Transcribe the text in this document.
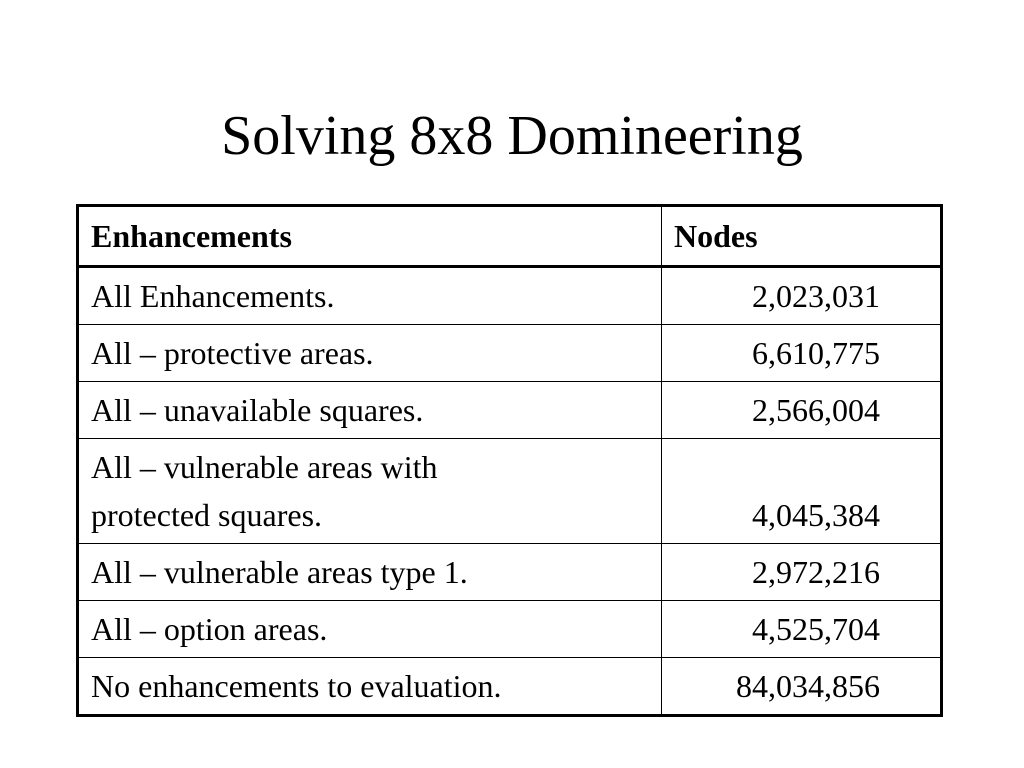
Solving 8x8 Domineering
Enhancements	Nodes
All Enhancements.	2,023,031
All – protective areas.	6,610,775
All – unavailable squares.	2,566,004
All – vulnerable areas with
protected squares.	4,045,384
All – vulnerable areas type 1.	2,972,216
All – option areas.	4,525,704
No enhancements to evaluation.	84,034,856
